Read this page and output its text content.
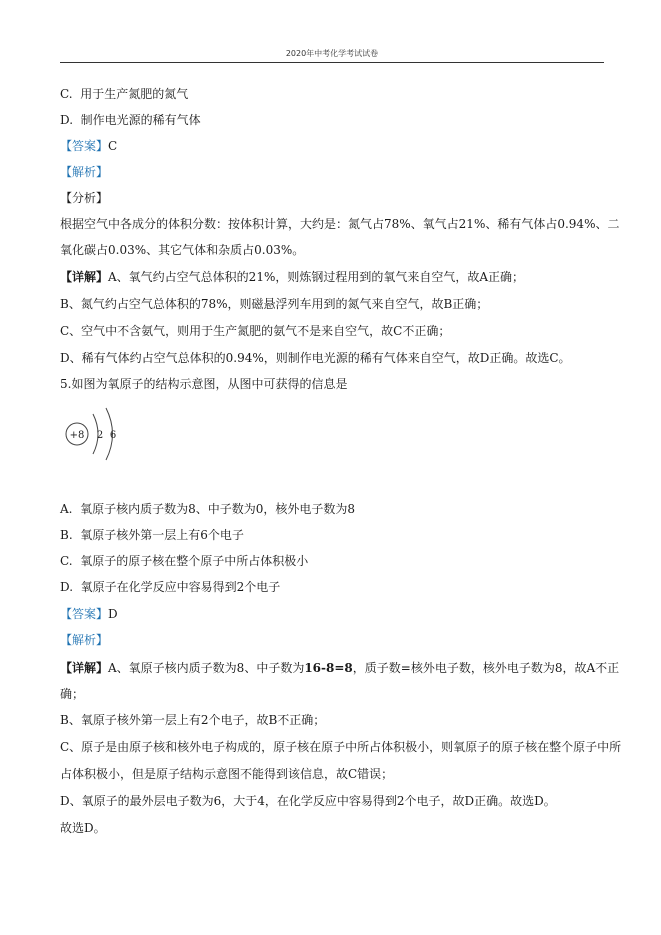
2020年中考化学考试试卷
C. 用于生产氮肥的氮气
D. 制作电光源的稀有气体
【答案】C
【解析】
【分析】
根据空气中各成分的体积分数：按体积计算，大约是：氮气占78%、氧气占21%、稀有气体占0.94%、二
氧化碳占0.03%、其它气体和杂质占0.03%。
【详解】A、氧气约占空气总体积的21%，则炼钢过程用到的氧气来自空气，故A正确；
B、氮气约占空气总体积的78%，则磁悬浮列车用到的氮气来自空气，故B正确；
C、空气中不含氨气，则用于生产氮肥的氨气不是来自空气，故C不正确；
D、稀有气体约占空气总体积的0.94%，则制作电光源的稀有气体来自空气，故D正确。故选C。
5.如图为氧原子的结构示意图，从图中可获得的信息是
+8 2 6
A. 氧原子核内质子数为8、中子数为0，核外电子数为8
B. 氧原子核外第一层上有6个电子
C. 氧原子的原子核在整个原子中所占体积极小
D. 氧原子在化学反应中容易得到2个电子
【答案】D
【解析】
【详解】A、氧原子核内质子数为8、中子数为16-8=8，质子数=核外电子数，核外电子数为8，故A不正
确；
B、氧原子核外第一层上有2个电子，故B不正确；
C、原子是由原子核和核外电子构成的，原子核在原子中所占体积极小，则氧原子的原子核在整个原子中所
占体积极小，但是原子结构示意图不能得到该信息，故C错误；
D、氧原子的最外层电子数为6，大于4，在化学反应中容易得到2个电子，故D正确。故选D。
故选D。
